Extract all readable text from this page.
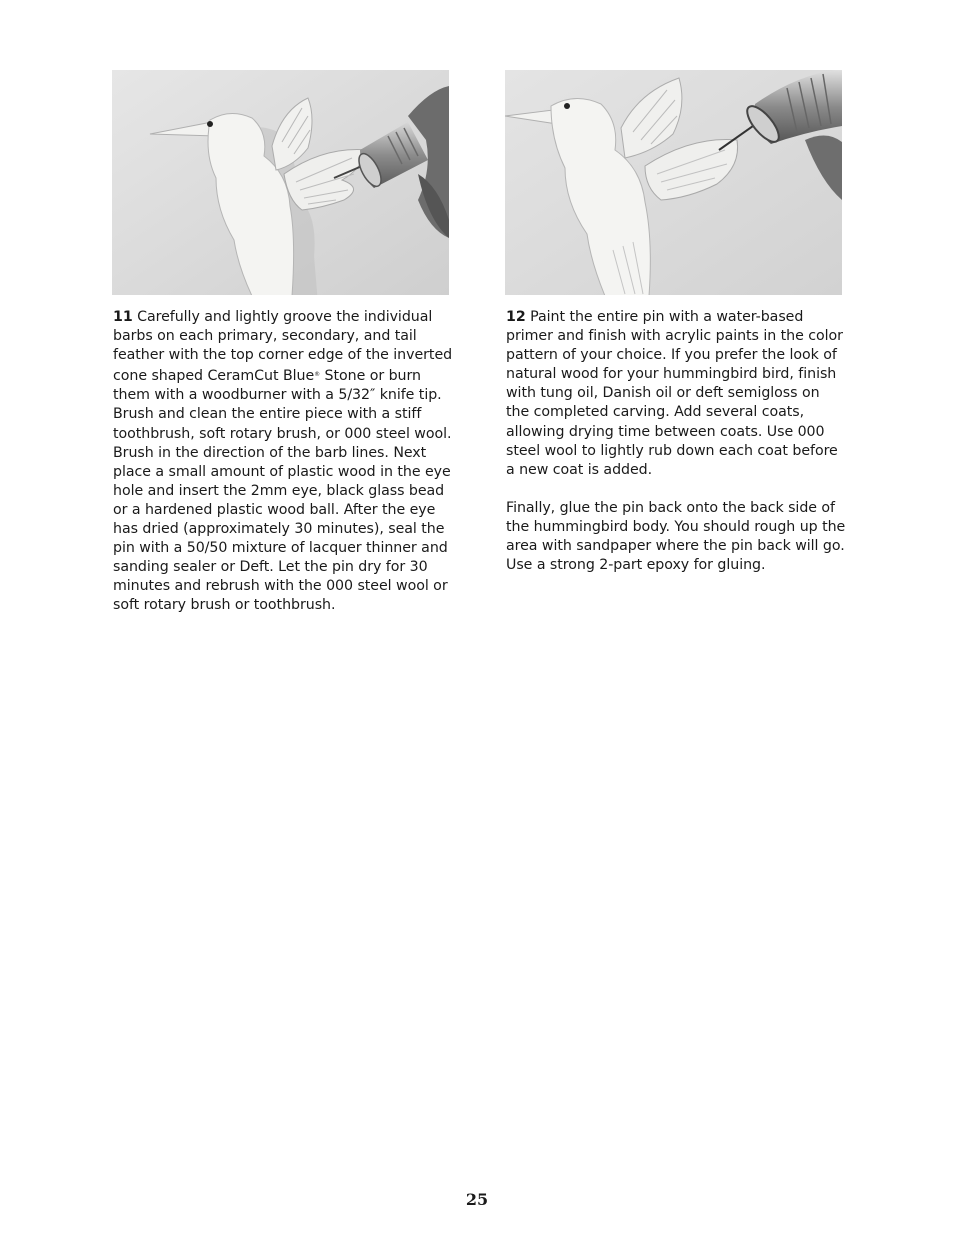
11 Carefully and lightly groove the individual barbs on each primary, secondary, and tail feather with the top corner edge of the inverted cone shaped CeramCut Blue® Stone or burn them with a woodburner with a 5/32″ knife tip. Brush and clean the entire piece with a stiff toothbrush, soft rotary brush, or 000 steel wool. Brush in the direction of the barb lines. Next place a small amount of plastic wood in the eye hole and insert the 2mm eye, black glass bead or a hardened plastic wood ball. After the eye has dried (approximately 30 minutes), seal the pin with a 50/50 mixture of lacquer thinner and sanding sealer or Deft. Let the pin dry for 30 minutes and rebrush with the 000 steel wool or soft rotary brush or toothbrush.

12 Paint the entire pin with a water-based primer and finish with acrylic paints in the color pattern of your choice. If you prefer the look of natural wood for your hummingbird bird, finish with tung oil, Danish oil or deft semigloss on the completed carving. Add several coats, allowing drying time between coats. Use 000 steel wool to lightly rub down each coat before a new coat is added.

Finally, glue the pin back onto the back side of the hummingbird body. You should rough up the area with sandpaper where the pin back will go. Use a strong 2-part epoxy for gluing.

25
